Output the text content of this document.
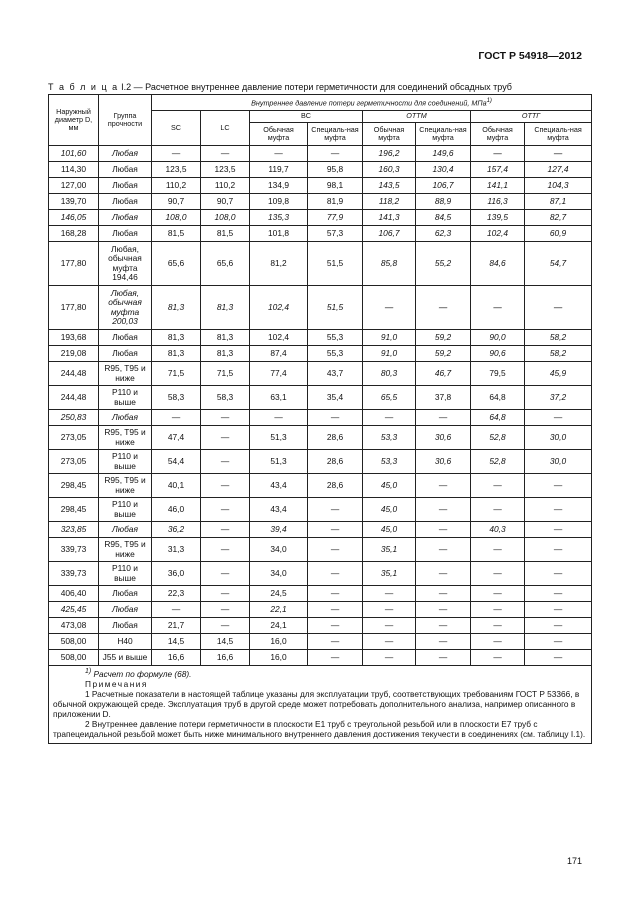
ГОСТ Р 54918—2012
Т а б л и ц а I.2 — Расчетное внутреннее давление потери герметичности для соединений обсадных труб
Наружный диаметр D, мм	Группа прочности	Внутреннее давление потери герметичности для соединений, МПа$^{1)}$
		SC	LC	BC		ОТТМ		ОТТГ	
				Обычная муфта	Специаль-ная муфта	Обычная муфта	Специаль-ная муфта	Обычная муфта	Специаль-ная муфта
101,60	Любая	—	—	—	—	196,2	149,6	—	—
114,30	Любая	123,5	123,5	119,7	95,8	160,3	130,4	157,4	127,4
127,00	Любая	110,2	110,2	134,9	98,1	143,5	106,7	141,1	104,3
139,70	Любая	90,7	90,7	109,8	81,9	118,2	88,9	116,3	87,1
146,05	Любая	108,0	108,0	135,3	77,9	141,3	84,5	139,5	82,7
168,28	Любая	81,5	81,5	101,8	57,3	106,7	62,3	102,4	60,9
177,80	Любая, обычная муфта 194,46	65,6	65,6	81,2	51,5	85,8	55,2	84,6	54,7
177,80	Любая, обычная муфта 200,03	81,3	81,3	102,4	51,5	—	—	—	—
193,68	Любая	81,3	81,3	102,4	55,3	91,0	59,2	90,0	58,2
219,08	Любая	81,3	81,3	87,4	55,3	91,0	59,2	90,6	58,2
244,48	R95, T95 и ниже	71,5	71,5	77,4	43,7	80,3	46,7	79,5	45,9
244,48	P110 и выше	58,3	58,3	63,1	35,4	65,5	37,8	64,8	37,2
250,83	Любая	—	—	—	—	—	—	64,8	—
273,05	R95, T95 и ниже	47,4	—	51,3	28,6	53,3	30,6	52,8	30,0
273,05	P110 и выше	54,4	—	51,3	28,6	53,3	30,6	52,8	30,0
298,45	R95, T95 и ниже	40,1	—	43,4	28,6	45,0	—	—	—
298,45	P110 и выше	46,0	—	43,4	—	45,0	—	—	—
323,85	Любая	36,2	—	39,4	—	45,0	—	40,3	—
339,73	R95, T95 и ниже	31,3	—	34,0	—	35,1	—	—	—
339,73	P110 и выше	36,0	—	34,0	—	35,1	—	—	—
406,40	Любая	22,3	—	24,5	—	—	—	—	—
425,45	Любая	—	—	22,1	—	—	—	—	—
473,08	Любая	21,7	—	24,1	—	—	—	—	—
508,00	H40	14,5	14,5	16,0	—	—	—	—	—
508,00	J55 и выше	16,6	16,6	16,0	—	—	—	—	—

$^{1)}$ Расчет по формуле (68).
Примечания
1 Расчетные показатели в настоящей таблице указаны для эксплуатации труб, соответствующих требованиям ГОСТ Р 53366, в обычной окружающей среде. Эксплуатация труб в другой среде может потребовать дополнительного анализа, например описанного в приложении D.
2 Внутреннее давление потери герметичности в плоскости E1 труб с треугольной резьбой или в плоскости E7 труб с трапецеидальной резьбой может быть ниже минимального внутреннего давления достижения текучести в соединениях (см. таблицу I.1).									
171
